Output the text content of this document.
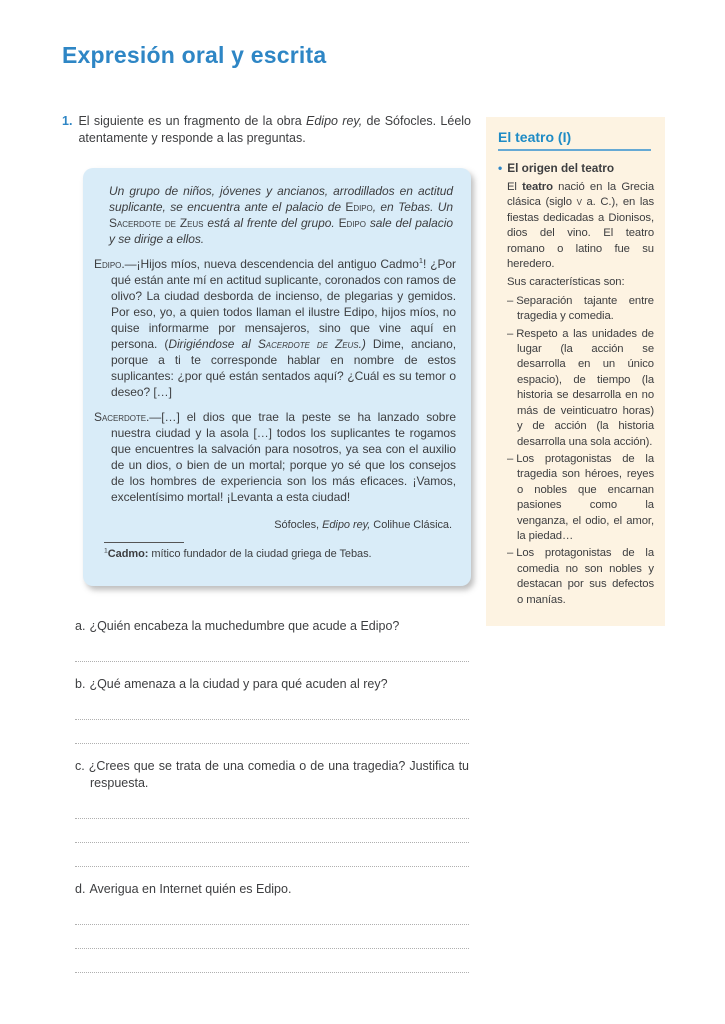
Expresión oral y escrita
1. El siguiente es un fragmento de la obra Edipo rey, de Sófocles. Léelo atentamente y responde a las preguntas.

Un grupo de niños, jóvenes y ancianos, arrodillados en actitud suplicante, se encuentra ante el palacio de Edipo, en Tebas. Un Sacerdote de Zeus está al frente del grupo. Edipo sale del palacio y se dirige a ellos.

Edipo.—¡Hijos míos, nueva descendencia del antiguo Cadmo$^1$! ¿Por qué están ante mí en actitud suplicante, coronados con ramos de olivo? La ciudad desborda de incienso, de plegarias y gemidos. Por eso, yo, a quien todos llaman el ilustre Edipo, hijos míos, no quise informarme por mensajeros, sino que vine aquí en persona. (Dirigiéndose al Sacerdote de Zeus.) Dime, anciano, porque a ti te corresponde hablar en nombre de estos suplicantes: ¿por qué están sentados aquí? ¿Cuál es su temor o deseo? […]

Sacerdote.—[…] el dios que trae la peste se ha lanzado sobre nuestra ciudad y la asola […] todos los suplicantes te rogamos que encuentres la salvación para nosotros, ya sea con el auxilio de un dios, o bien de un mortal; porque yo sé que los consejos de los hombres de experiencia son los más eficaces. ¡Vamos, excelentísimo mortal! ¡Levanta a esta ciudad!

Sófocles, Edipo rey, Colihue Clásica.

$^1$Cadmo: mítico fundador de la ciudad griega de Tebas.

El teatro (I)
• El origen del teatro

El teatro nació en la Grecia clásica (siglo v a. C.), en las fiestas dedicadas a Dionisos, dios del vino. El teatro romano o latino fue su heredero.

Sus características son:

– Separación tajante entre tragedia y comedia.

– Respeto a las unidades de lugar (la acción se desarrolla en un único espacio), de tiempo (la historia se desarrolla en no más de veinticuatro horas) y de acción (la historia desarrolla una sola acción).

– Los protagonistas de la tragedia son héroes, reyes o nobles que encarnan pasiones como la venganza, el odio, el amor, la piedad…

– Los protagonistas de la comedia no son nobles y destacan por sus defectos o manías.

a. ¿Quién encabeza la muchedumbre que acude a Edipo?

b. ¿Qué amenaza a la ciudad y para qué acuden al rey?

c. ¿Crees que se trata de una comedia o de una tragedia? Justifica tu respuesta.

d. Averigua en Internet quién es Edipo.
